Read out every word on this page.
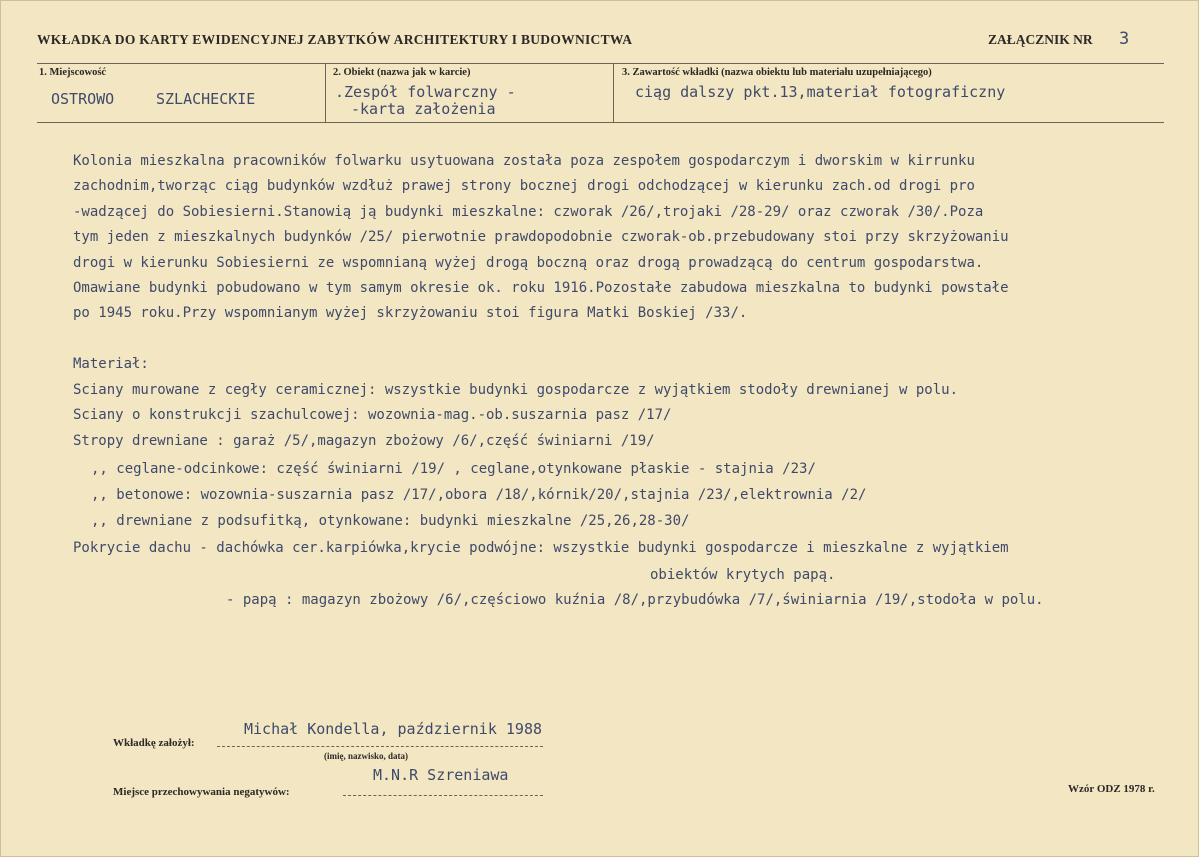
WKŁADKA DO KARTY EWIDENCYJNEJ ZABYTKÓW ARCHITEKTURY I BUDOWNICTWA	ZAŁĄCZNIK NR 3
1. Miejscowość
OSTROWO	SZLACHECKIE
2. Obiekt (nazwa jak w karcie)
.Zespół folwarczny -
-karta założenia
3. Zawartość wkładki (nazwa obiektu lub materiału uzupełniającego)
ciąg dalszy pkt.13,materiał fotograficzny
Kolonia mieszkalna pracowników folwarku usytuowana została poza zespołem gospodarczym i dworskim w kirrunku
zachodnim,tworząc ciąg budynków wzdłuż prawej strony bocznej drogi odchodzącej w kierunku zach.od drogi pro
-wadzącej do Sobiesierni.Stanowią ją budynki mieszkalne: czworak /26/,trojaki /28-29/ oraz czworak /30/.Poza
tym jeden z mieszkalnych budynków /25/ pierwotnie prawdopodobnie czworak-ob.przebudowany stoi przy skrzyżowaniu
drogi w kierunku Sobiesierni ze wspomnianą wyżej drogą boczną oraz drogą prowadzącą do centrum gospodarstwa.
Omawiane budynki pobudowano w tym samym okresie ok. roku 1916.Pozostałe zabudowa mieszkalna to budynki powstałe
po 1945 roku.Przy wspomnianym wyżej skrzyżowaniu stoi figura Matki Boskiej /33/.
Materiał:
Sciany murowane z cegły ceramicznej: wszystkie budynki gospodarcze z wyjątkiem stodoły drewnianej w polu.
Sciany o konstrukcji szachulcowej: wozownia-mag.-ob.suszarnia pasz /17/
Stropy drewniane : garaż /5/,magazyn zbożowy /6/,część świniarni /19/
,, ceglane-odcinkowe: część świniarni /19/ , ceglane,otynkowane płaskie - stajnia /23/
,, betonowe: wozownia-suszarnia pasz /17/,obora /18/,kórnik/20/,stajnia /23/,elektrownia /2/
,, drewniane z podsufitką, otynkowane: budynki mieszkalne /25,26,28-30/
Pokrycie dachu - dachówka cer.karpiówka,krycie podwójne: wszystkie budynki gospodarcze i mieszkalne z wyjątkiem
obiektów krytych papą.
- papą : magazyn zbożowy /6/,częściowo kuźnia /8/,przybudówka /7/,świniarnia /19/,stodoła w polu.
Wkładkę założył:
Michał Kondella, październik 1988
(imię, nazwisko, data)
M.N.R Szreniawa
Miejsce przechowywania negatywów:	Wzór ODZ 1978 r.
